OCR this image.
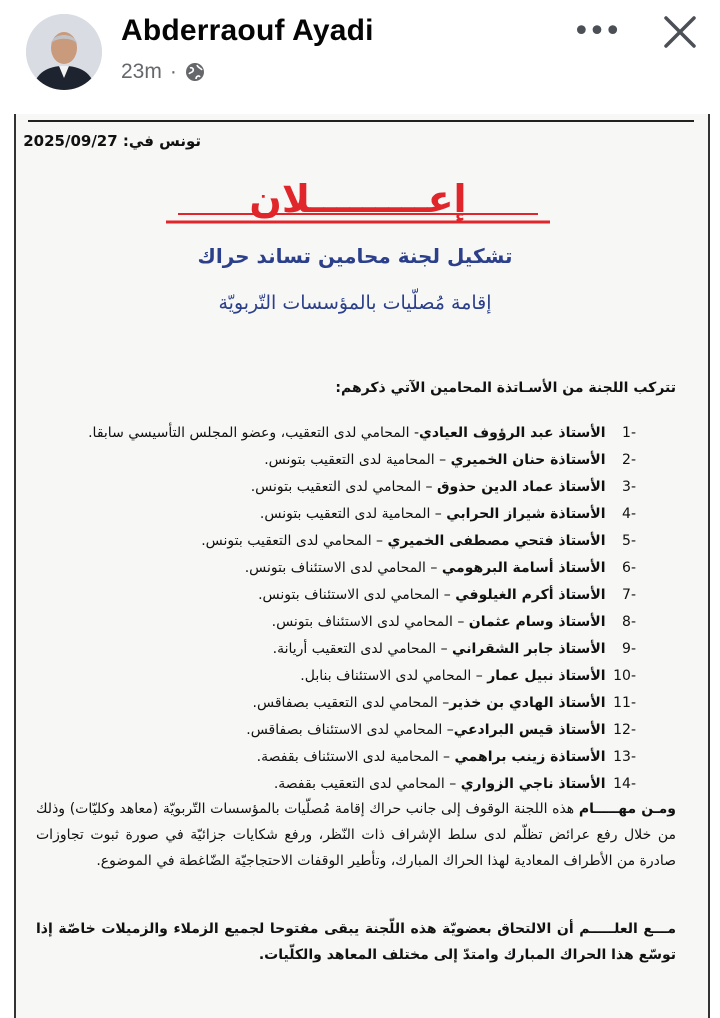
Abderraouf Ayadi
23m ·
•••
تونس في: 2025/09/27
إعـــــــــلان
تشكيل لجنة محامين تساند حراك
إقامة مُصلّيات بالمؤسسات التّربويّة
تتركب اللجنة من الأسـاتذة المحامين الآتي ذكرهم:
-1 الأستاذ عبد الرؤوف العيادي- المحامي لدى التعقيب، وعضو المجلس التأسيسي سابقا.
-2 الأستاذة حنان الخميري – المحامية لدى التعقيب بتونس.
-3 الأستاذ عماد الدين حذوق – المحامي لدى التعقيب بتونس.
-4 الأستاذة شيراز الحرابي – المحامية لدى التعقيب بتونس.
-5 الأستاذ فتحي مصطفى الخميري – المحامي لدى التعقيب بتونس.
-6 الأستاذ أسامة البرهومي – المحامي لدى الاستئناف بتونس.
-7 الأستاذ أكرم الغيلوفي – المحامي لدى الاستئناف بتونس.
-8 الأستاذ وسام عثمان – المحامي لدى الاستئناف بتونس.
-9 الأستاذ جابر الشقراني – المحامي لدى التعقيب أريانة.
-10 الأستاذ نبيل عمار – المحامي لدى الاستئناف بنابل.
-11 الأستاذ الهادي بن خذير– المحامي لدى التعقيب بصفاقس.
-12 الأستاذ قيس البرادعي– المحامي لدى الاستئناف بصفاقس.
-13 الأستاذة زينب براهمي – المحامية لدى الاستئناف بقفصة.
-14 الأستاذ ناجي الزواري – المحامي لدى التعقيب بقفصة.
ومـن مهـــــام هذه اللجنة الوقوف إلى جانب حراك إقامة مُصلّيات بالمؤسسات التّربويّة (معاهد وكليّات) وذلك من خلال رفع عرائض تظلّم لدى سلط الإشراف ذات النّظر، ورفع شكايات جزائيّة في صورة ثبوت تجاوزات صادرة من الأطراف المعادية لهذا الحراك المبارك، وتأطير الوقفات الاحتجاجيّة الضّاغطة في الموضوع.
مـــع العلـــــم أن الالتحاق بعضويّة هذه اللّجنة يبقى مفتوحا لجميع الزملاء والزميلات خاصّة إذا توسّع هذا الحراك المبارك وامتدّ إلى مختلف المعاهد والكلّيات.
